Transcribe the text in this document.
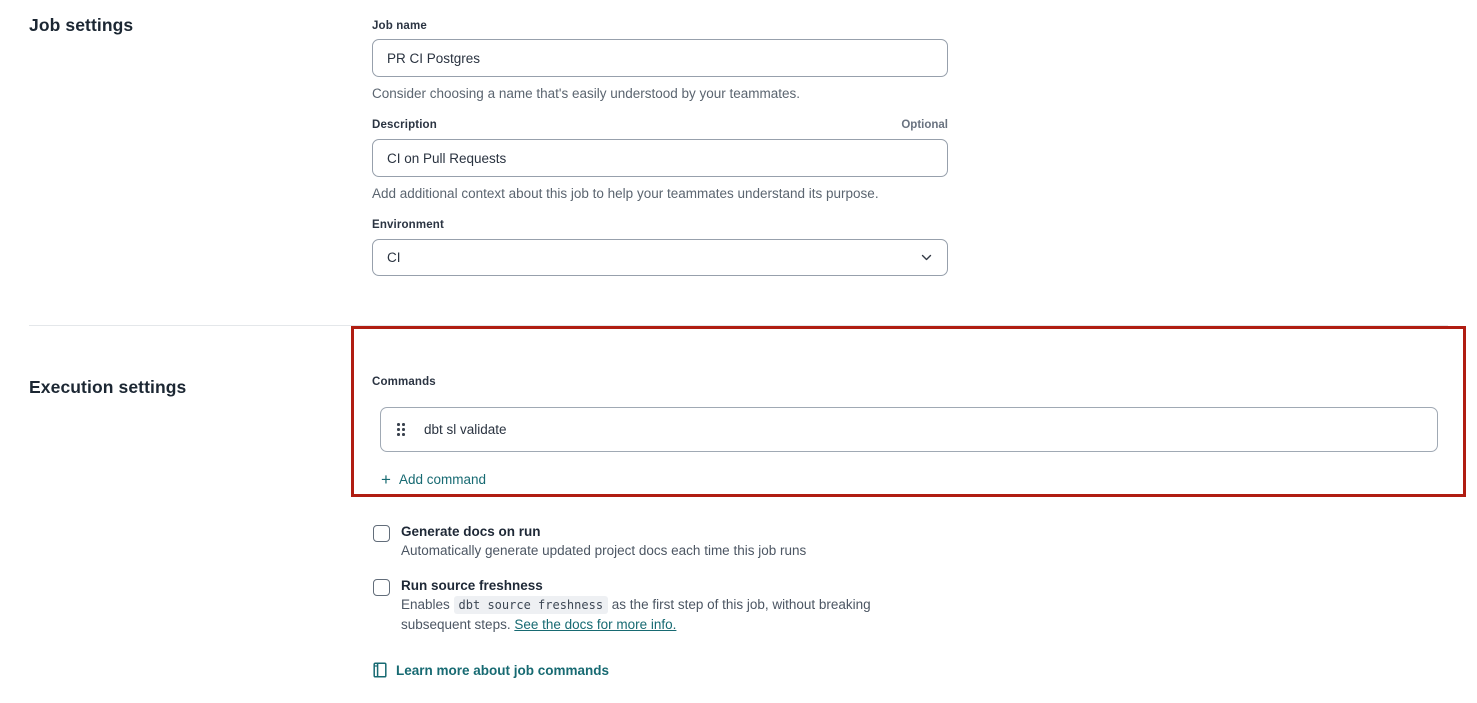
Job settings	Job name
PR CI Postgres

Consider choosing a name that's easily understood by your teammates.

Description	Optional
CI on Pull Requests

Add additional context about this job to help your teammates understand its purpose.

Environment
CI
Execution settings	Commands
dbt sl validate
+ Add command
Generate docs on run
Automatically generate updated project docs each time this job runs
Run source freshness
Enables dbt source freshness as the first step of this job, without breaking subsequent steps. See the docs for more info.
Learn more about job commands
